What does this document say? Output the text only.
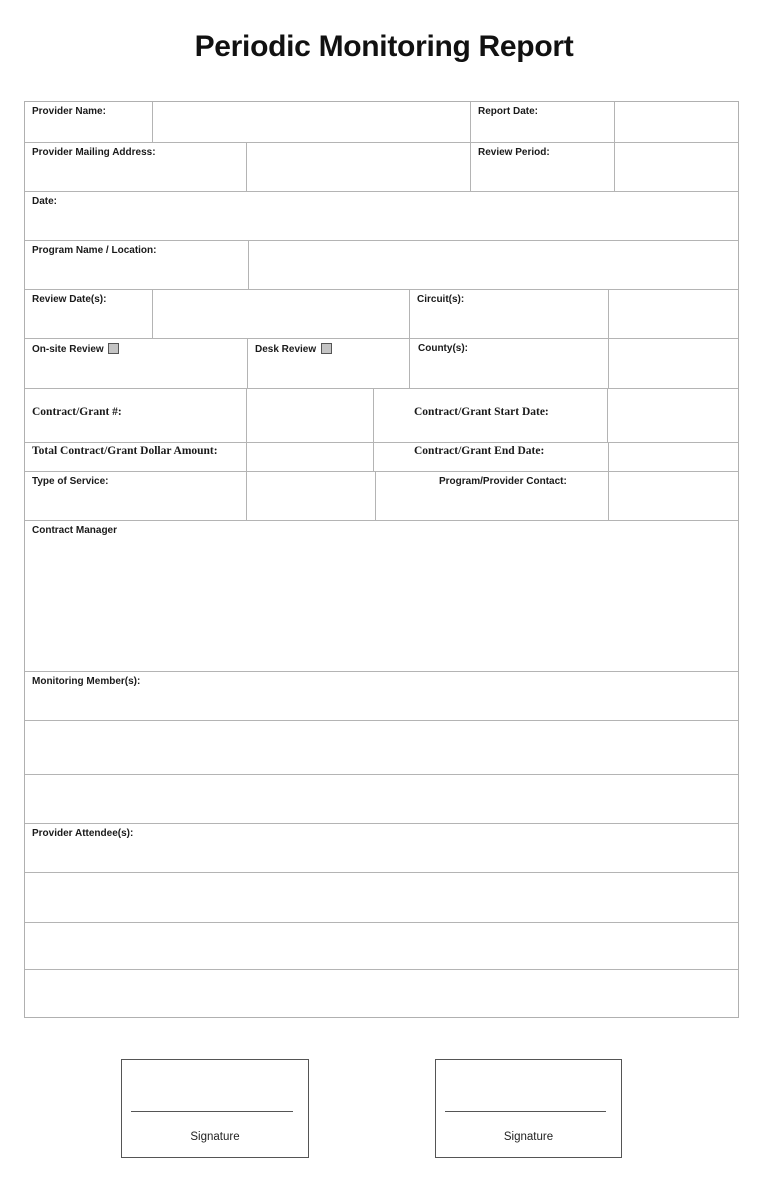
Periodic Monitoring Report
Provider Name:	Report Date:
Provider Mailing Address:	Review Period:
Date:
Program Name / Location:
Review Date(s):	Circuit(s):
On-site Review	Desk Review	County(s):
Contract/Grant #:	Contract/Grant Start Date:
Total Contract/Grant Dollar Amount:	Contract/Grant End Date:
Type of Service:	Program/Provider Contact:
Contract Manager
Monitoring Member(s):
Provider Attendee(s):
Signature	Signature
